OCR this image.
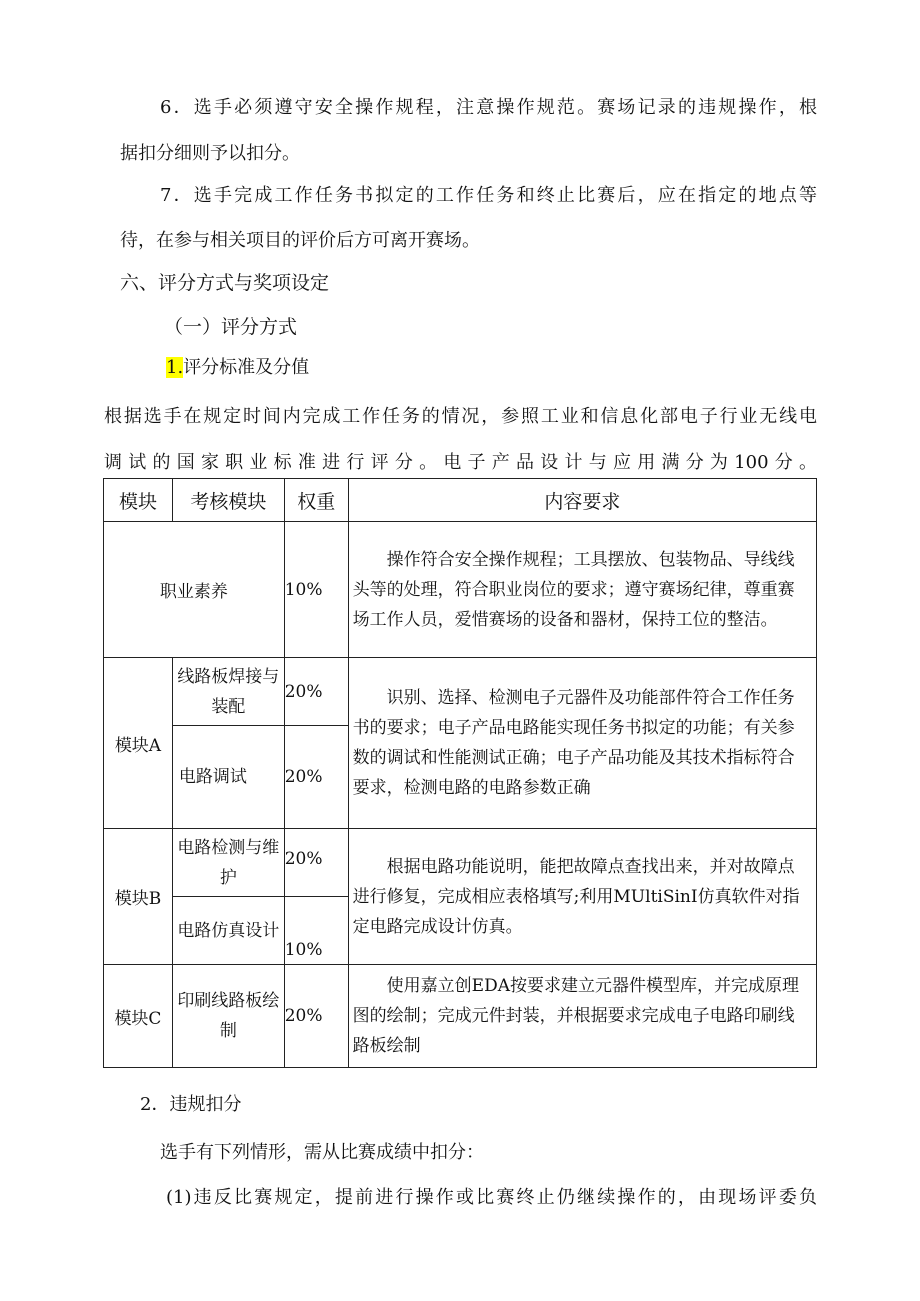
6．选手必须遵守安全操作规程，注意操作规范。赛场记录的违规操作，根
据扣分细则予以扣分。
7．选手完成工作任务书拟定的工作任务和终止比赛后，应在指定的地点等
待，在参与相关项目的评价后方可离开赛场。
六、评分方式与奖项设定
（一）评分方式
1.评分标准及分值
根据选手在规定时间内完成工作任务的情况，参照工业和信息化部电子行业无线电
调试的国家职业标准进行评分。电子产品设计与应用满分为100分。
模块	考核模块	权重	内容要求
职业素养		10%	操作符合安全操作规程；工具摆放、包装物品、导线线头等的处理，符合职业岗位的要求；遵守赛场纪律，尊重赛场工作人员，爱惜赛场的设备和器材，保持工位的整洁。

模块A	线路板焊接与装配	20%	识别、选择、检测电子元器件及功能部件符合工作任务书的要求；电子产品电路能实现任务书拟定的功能；有关参数的调试和性能测试正确；电子产品功能及其技术指标符合要求，检测电路的电路参数正确

	电路调试	20%	
模块B	电路检测与维护	20%	根据电路功能说明，能把故障点查找出来，并对故障点进行修复，完成相应表格填写;利用MUltiSinI仿真软件对指定电路完成设计仿真。

	电路仿真设计	10%	
模块C	印刷线路板绘制	20%	使用嘉立创EDA按要求建立元器件模型库，并完成原理图的绘制；完成元件封装，并根据要求完成电子电路印刷线路板绘制
2．违规扣分
选手有下列情形，需从比赛成绩中扣分：
(1)违反比赛规定，提前进行操作或比赛终止仍继续操作的，由现场评委负
